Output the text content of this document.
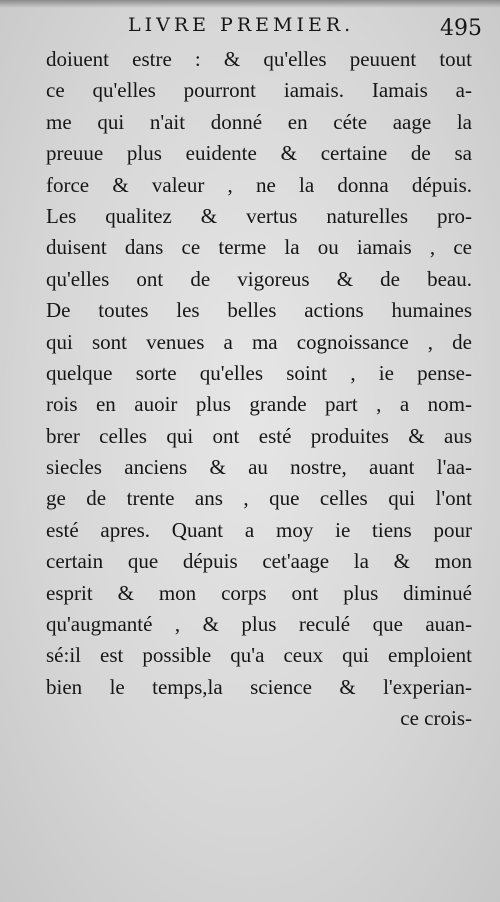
LIVRE PREMIER.	495
doiuent estre : & qu'elles peuuent tout
ce qu'elles pourront iamais. Iamais a-
me qui n'ait donné en céte aage la
preuue plus euidente & certaine de sa
force & valeur , ne la donna dépuis.
Les qualitez & vertus naturelles pro-
duisent dans ce terme la ou iamais , ce
qu'elles ont de vigoreus & de beau.
De toutes les belles actions humaines
qui sont venues a ma cognoissance , de
quelque sorte qu'elles soint , ie pense-
rois en auoir plus grande part , a nom-
brer celles qui ont esté produites & aus
siecles anciens & au nostre, auant l'aa-
ge de trente ans , que celles qui l'ont
esté apres. Quant a moy ie tiens pour
certain que dépuis cet'aage la & mon
esprit & mon corps ont plus diminué
qu'augmanté , & plus reculé que auan-
sé:il est possible qu'a ceux qui emploient
bien le temps,la science & l'experian-
ce crois-
